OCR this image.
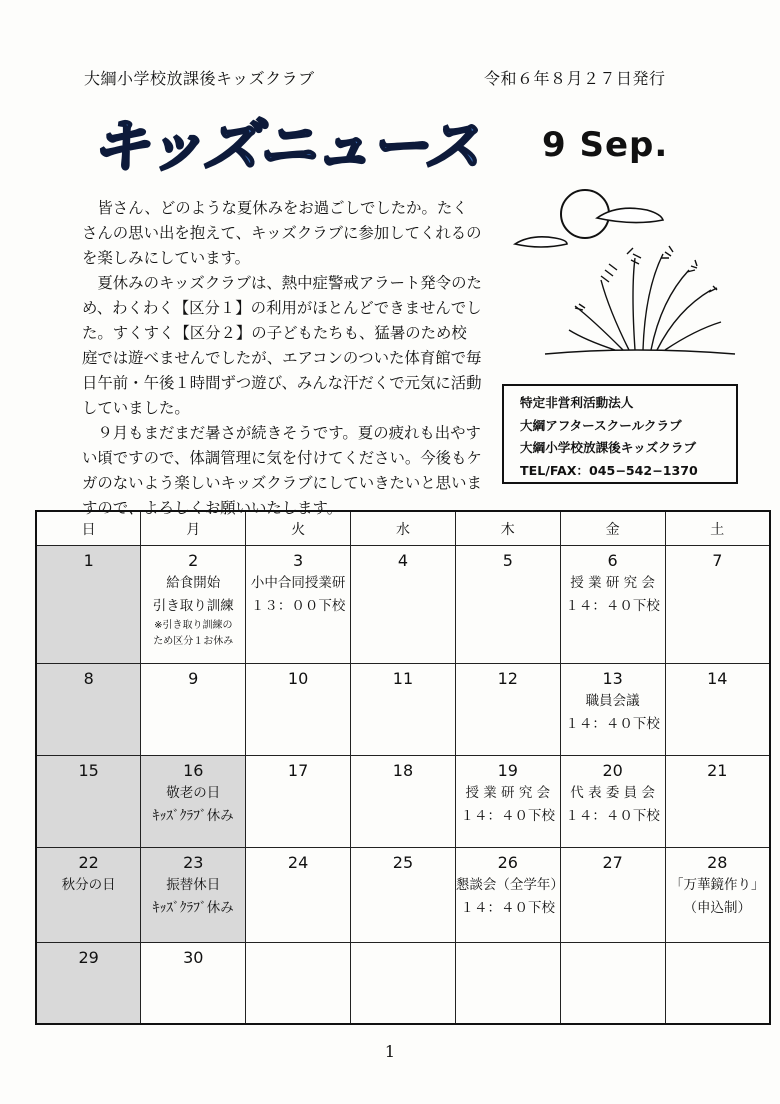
大綱小学校放課後キッズクラブ	令和６年８月２７日発行
キッズニュース 9 Sep.

皆さん、どのような夏休みをお過ごしでしたか。たくさんの思い出を抱えて、キッズクラブに参加してくれるのを楽しみにしています。

夏休みのキッズクラブは、熱中症警戒アラート発令のため、わくわく【区分１】の利用がほとんどできませんでした。すくすく【区分２】の子どもたちも、猛暑のため校庭では遊べませんでしたが、エアコンのついた体育館で毎日午前・午後１時間ずつ遊び、みんな汗だくで元気に活動していました。

９月もまだまだ暑さが続きそうです。夏の疲れも出やすい頃ですので、体調管理に気を付けてください。今後もケガのないよう楽しいキッズクラブにしていきたいと思いますので、よろしくお願いいたします。

特定非営利活動法人
大綱アフタースクールクラブ
大綱小学校放課後キッズクラブ
TEL/FAX：045−542−1370
日	月	火	水	木	金	土

1	2
給食開始
引き取り訓練
※引き取り訓練の
ため区分１お休み	3
小中合同授業研
１３：００下校	4	5	6
授 業 研 究 会
１４：４０下校	7

8	9	10	11	12	13
職員会議
１４：４０下校	14

15	16
敬老の日
ｷｯｽﾞｸﾗﾌﾞ休み	17	18	19
授 業 研 究 会
１４：４０下校	20
代 表 委 員 会
１４：４０下校	21

22
秋分の日	23
振替休日
ｷｯｽﾞｸﾗﾌﾞ休み	24	25	26
懇談会（全学年）
１４：４０下校	27	28
「万華鏡作り」
（申込制）

29	30					

1
